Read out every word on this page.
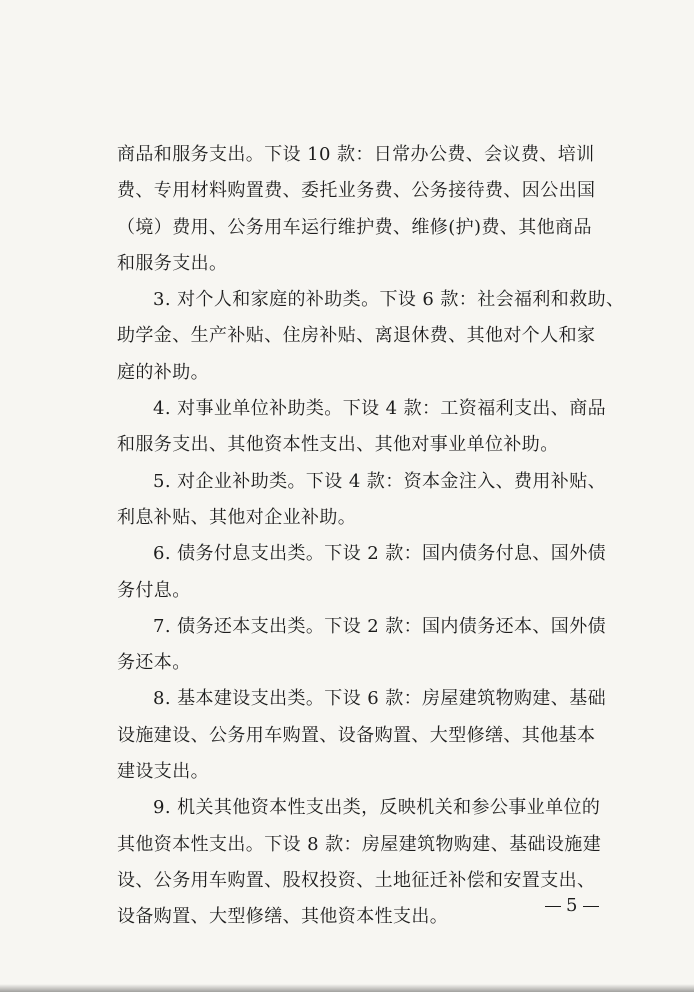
商品和服务支出。下设 10 款：日常办公费、会议费、培训
费、专用材料购置费、委托业务费、公务接待费、因公出国
（境）费用、公务用车运行维护费、维修(护)费、其他商品
和服务支出。
3. 对个人和家庭的补助类。下设 6 款：社会福利和救助、
助学金、生产补贴、住房补贴、离退休费、其他对个人和家
庭的补助。
4. 对事业单位补助类。下设 4 款：工资福利支出、商品
和服务支出、其他资本性支出、其他对事业单位补助。
5. 对企业补助类。下设 4 款：资本金注入、费用补贴、
利息补贴、其他对企业补助。
6. 债务付息支出类。下设 2 款：国内债务付息、国外债
务付息。
7. 债务还本支出类。下设 2 款：国内债务还本、国外债
务还本。
8. 基本建设支出类。下设 6 款：房屋建筑物购建、基础
设施建设、公务用车购置、设备购置、大型修缮、其他基本
建设支出。
9. 机关其他资本性支出类，反映机关和参公事业单位的
其他资本性支出。下设 8 款：房屋建筑物购建、基础设施建
设、公务用车购置、股权投资、土地征迁补偿和安置支出、
设备购置、大型修缮、其他资本性支出。
5
